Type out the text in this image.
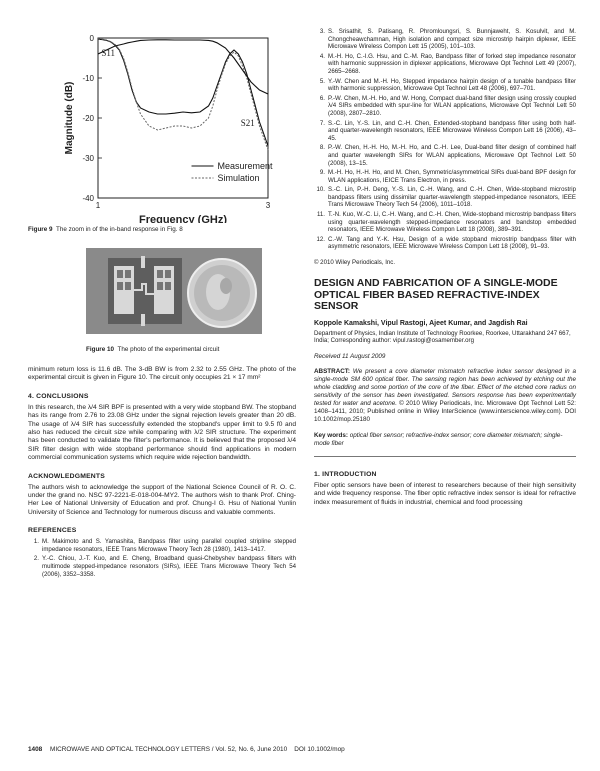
0
-10
-20
-30
-40
1	3
Frequency (GHz)
Magnitude (dB)
S11
S21
Measurement
Simulation

Figure 9 The zoom in of the in-band response in Fig. 8

Figure 10 The photo of the experimental circuit

minimum return loss is 11.6 dB. The 3-dB BW is from 2.32 to 2.55 GHz. The photo of the experimental circuit is given in Figure 10. The circuit only occupies 21 × 17 mm²

4. CONCLUSIONS

In this research, the λ/4 SIR BPF is presented with a very wide stopband BW. The stopband has its range from 2.76 to 23.08 GHz under the signal rejection levels greater than 20 dB. The usage of λ/4 SIR has successfully extended the stopband's upper limit to 9.5 f0 and also has reduced the circuit size while comparing with λ/2 SIR structure. The experiment has been conducted to validate the filter's performance. It is believed that the proposed λ/4 SIR filter design with wide stopband performance should find applications in modern commercial communication systems which require wide rejection bandwidth.

ACKNOWLEDGMENTS

The authors wish to acknowledge the support of the National Science Council of R. O. C. under the grand no. NSC 97-2221-E-018-004-MY2. The authors wish to thank Prof. Ching-Her Lee of National University of Education and prof. Chung-I G. Hsu of National Yunlin University of Science and Technology for numerous discuss and valuable comments.

REFERENCES
1. M. Makimoto and S. Yamashita, Bandpass filter using parallel coupled stripline stepped impedance resonators, IEEE Trans Microwave Theory Tech 28 (1980), 1413–1417.
2. Y.-C. Chiou, J.-T. Kuo, and E. Cheng, Broadband quasi-Chebyshev bandpass filters with multimode stepped-impedance resonators (SIRs), IEEE Trans Microwave Theory Tech 54 (2006), 3352–3358.
3. S. Srisathit, S. Patisang, R. Phromloungsri, S. Bunnjaweht, S. Kosulvit, and M. Chongcheawchamnan, High isolation and compact size microstrip hairpin diplexer, IEEE Microwave Wireless Compon Lett 15 (2005), 101–103.
4. M.-H. Ho, C.-I.G. Hsu, and C.-M. Rao, Bandpass filter of forked step impedance resonator with harmonic suppression in diplexer applications, Microwave Opt Technol Lett 49 (2007), 2665–2668.
5. Y.-W. Chen and M.-H. Ho, Stepped impedance hairpin design of a tunable bandpass filter with harmonic suppression, Microwave Opt Technol Lett 48 (2006), 697–701.
6. P.-W. Chen, M.-H. Ho, and W. Hong, Compact dual-band filter design using crossly coupled λ/4 SIRs embedded with spur-line for WLAN applications, Microwave Opt Technol Lett 50 (2008), 2807–2810.
7. S.-C. Lin, Y.-S. Lin, and C.-H. Chen, Extended-stopband bandpass filter using both half- and quarter-wavelength resonators, IEEE Microwave Wireless Compon Lett 16 (2006), 43–45.
8. P.-W. Chen, H.-H. Ho, M.-H. Ho, and C.-H. Lee, Dual-band filter design of combined half and quarter wavelength SIRs for WLAN applications, Microwave Opt Technol Lett 50 (2008), 13–15.
9. M.-H. Ho, H.-H. Ho, and M. Chen, Symmetric/asymmetrical SIRs dual-band BPF design for WLAN applications, IEICE Trans Electron, in press.
10. S.-C. Lin, P.-H. Deng, Y.-S. Lin, C.-H. Wang, and C.-H. Chen, Wide-stopband microstrip bandpass filters using dissimilar quarter-wavelength stepped-impedance resonators, IEEE Trans Microwave Theory Tech 54 (2006), 1011–1018.
11. T.-N. Kuo, W.-C. Li, C.-H. Wang, and C.-H. Chen, Wide-stopband microstrip bandpass filters using quarter-wavelength stepped-impedance resonators and bandstop embedded resonators, IEEE Microwave Wireless Compon Lett 18 (2008), 389–391.
12. C.-W. Tang and Y.-K. Hsu, Design of a wide stopband microstrip bandpass filter with asymmetric resonators, IEEE Microwave Wireless Compon Lett 18 (2008), 91–93.

© 2010 Wiley Periodicals, Inc.

DESIGN AND FABRICATION OF A SINGLE-MODE OPTICAL FIBER BASED REFRACTIVE-INDEX SENSOR

Koppole Kamakshi, Vipul Rastogi, Ajeet Kumar, and Jagdish Rai

Department of Physics, Indian Institute of Technology Roorkee, Roorkee, Uttarakhand 247 667, India; Corresponding author: vipul.rastogi@osamember.org

Received 11 August 2009

ABSTRACT: We present a core diameter mismatch refractive index sensor designed in a single-mode SM 600 optical fiber. The sensing region has been achieved by etching out the whole cladding and some portion of the core of the fiber. Effect of the etched core radius on sensitivity of the sensor has been investigated. Sensors response has been experimentally tested for water and acetone. © 2010 Wiley Periodicals, Inc. Microwave Opt Technol Lett 52: 1408–1411, 2010; Published online in Wiley InterScience (www.interscience.wiley.com). DOI 10.1002/mop.25180

Key words: optical fiber sensor; refractive-index sensor; core diameter mismatch; single-mode fiber

1. INTRODUCTION

Fiber optic sensors have been of interest to researchers because of their high sensitivity and wide frequency response. The fiber optic refractive index sensor is ideal for refractive index measurement of fluids in industrial, chemical and food processing

1408 MICROWAVE AND OPTICAL TECHNOLOGY LETTERS / Vol. 52, No. 6, June 2010 DOI 10.1002/mop
